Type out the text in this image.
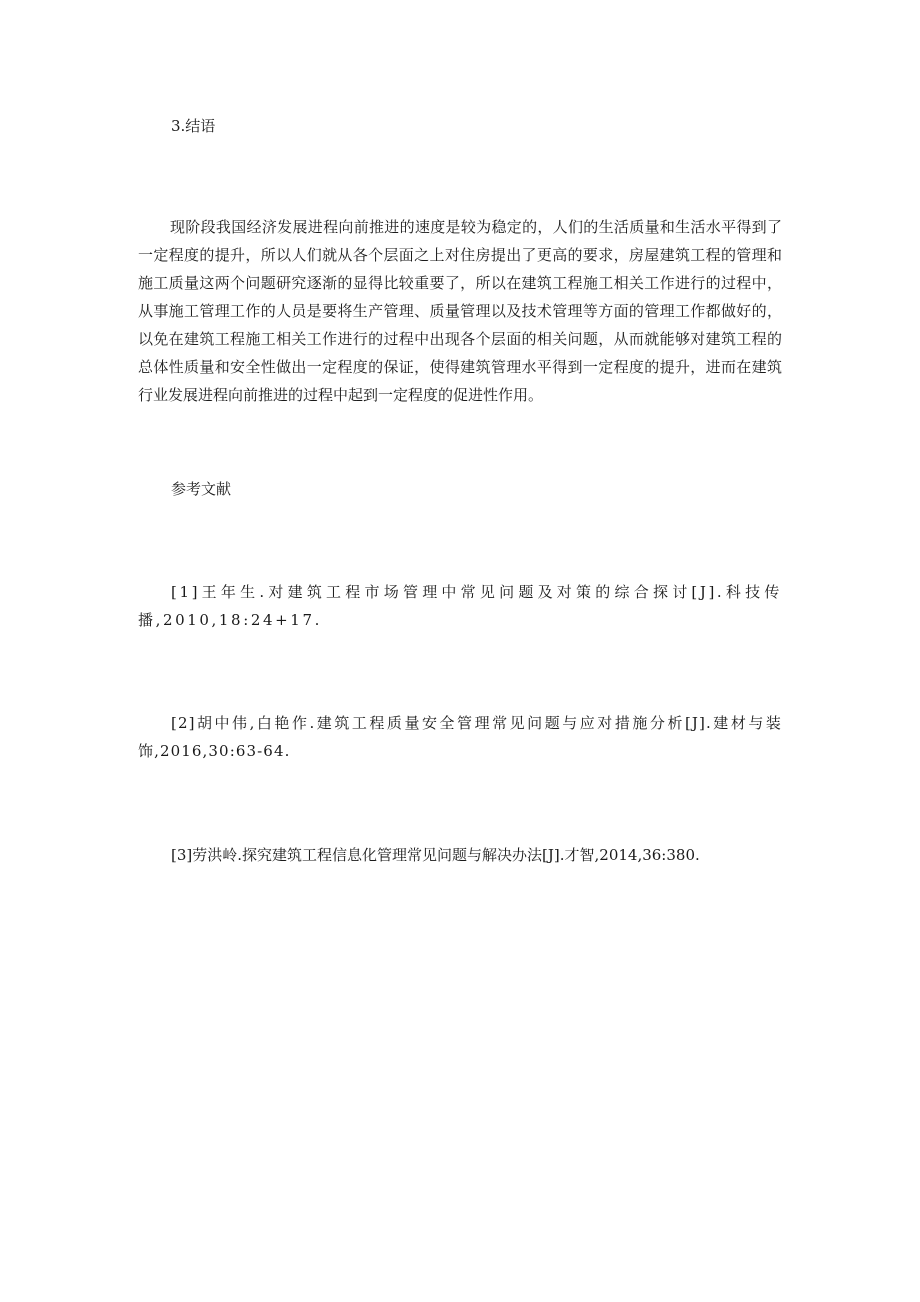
3.结语
现阶段我国经济发展进程向前推进的速度是较为稳定的，人们的生活质量和生活水平得到了一定程度的提升，所以人们就从各个层面之上对住房提出了更高的要求，房屋建筑工程的管理和施工质量这两个问题研究逐渐的显得比较重要了，所以在建筑工程施工相关工作进行的过程中，从事施工管理工作的人员是要将生产管理、质量管理以及技术管理等方面的管理工作都做好的，以免在建筑工程施工相关工作进行的过程中出现各个层面的相关问题，从而就能够对建筑工程的总体性质量和安全性做出一定程度的保证，使得建筑管理水平得到一定程度的提升，进而在建筑行业发展进程向前推进的过程中起到一定程度的促进性作用。
参考文献
[1]王年生.对建筑工程市场管理中常见问题及对策的综合探讨[J].科技传播,2010,18:24+17.
[2]胡中伟,白艳作.建筑工程质量安全管理常见问题与应对措施分析[J].建材与装饰,2016,30:63-64.
[3]劳洪岭.探究建筑工程信息化管理常见问题与解决办法[J].才智,2014,36:380.
